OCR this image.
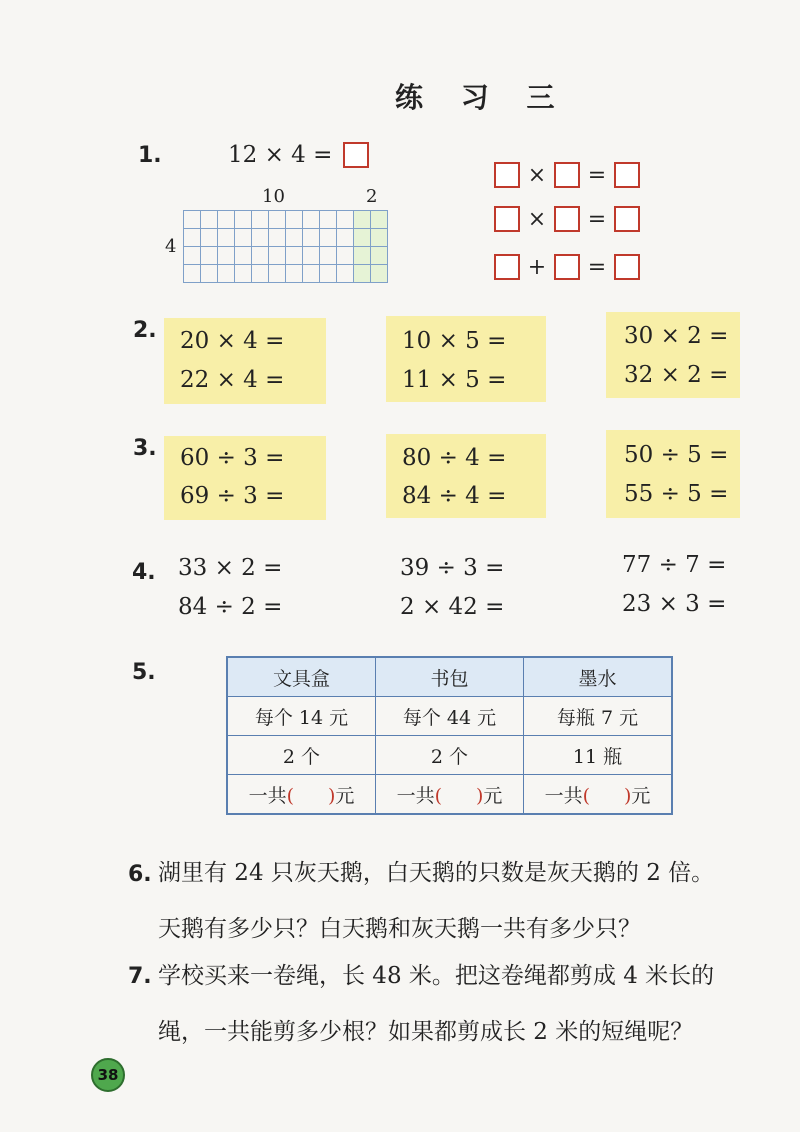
练 习 三
1.	12 × 4 =
10	2
4

× =
× =
+ =
2. 20 × 4 =
22 × 4 =
10 × 5 =
11 × 5 =
30 × 2 =
32 × 2 =
3. 60 ÷ 3 =
69 ÷ 3 =
80 ÷ 4 =
84 ÷ 4 =
50 ÷ 5 =
55 ÷ 5 =
4. 33 × 2 =
84 ÷ 2 =
39 ÷ 3 =
2 × 42 =
77 ÷ 7 =
23 × 3 =
5.	文具盒	书包	墨水
每个 14 元	每个 44 元	每瓶 7 元
2 个	2 个	11 瓶
一共( )元	一共( )元	一共( )元
6. 湖里有 24 只灰天鹅，白天鹅的只数是灰天鹅的 2 倍。
天鹅有多少只？白天鹅和灰天鹅一共有多少只？
7. 学校买来一卷绳，长 48 米。把这卷绳都剪成 4 米长的
绳，一共能剪多少根？如果都剪成长 2 米的短绳呢？
38
